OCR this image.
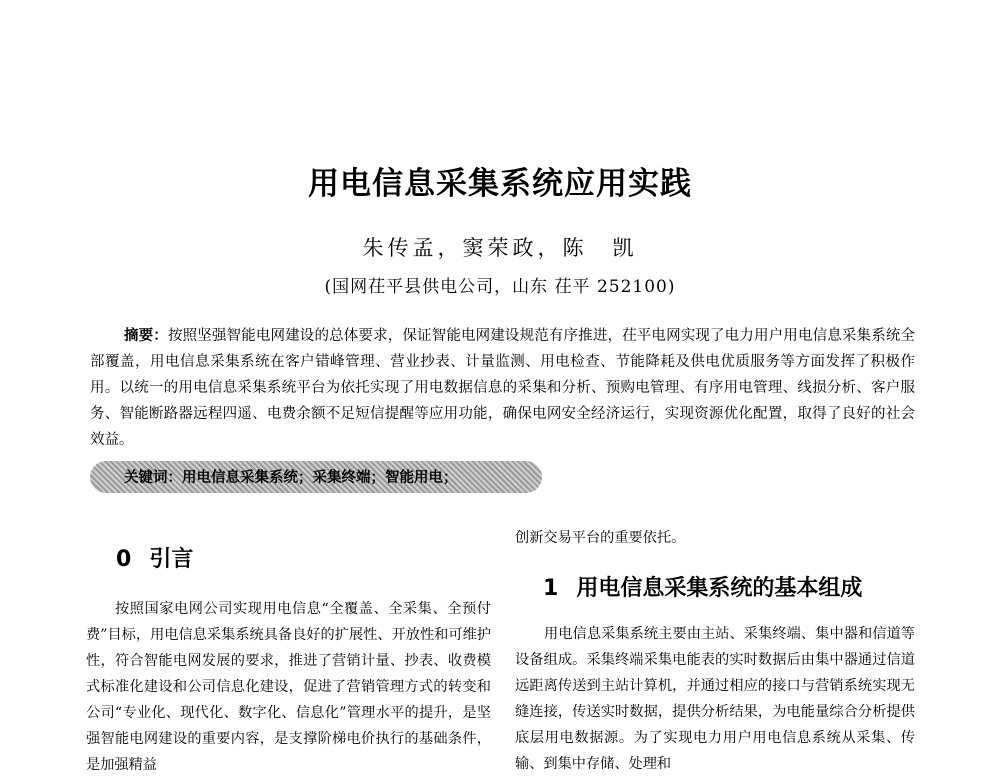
用电信息采集系统应用实践
朱传孟，窦荣政，陈　凯
(国网茌平县供电公司，山东 茌平 252100)
摘要：按照坚强智能电网建设的总体要求，保证智能电网建设规范有序推进，茌平电网实现了电力用户用电信息采集系统全部覆盖，用电信息采集系统在客户错峰管理、营业抄表、计量监测、用电检查、节能降耗及供电优质服务等方面发挥了积极作用。以统一的用电信息采集系统平台为依托实现了用电数据信息的采集和分析、预购电管理、有序用电管理、线损分析、客户服务、智能断路器远程四遥、电费余额不足短信提醒等应用功能，确保电网安全经济运行，实现资源优化配置，取得了良好的社会效益。
关键词：用电信息采集系统；采集终端；智能用电；
0 引言

按照国家电网公司实现用电信息“全覆盖、全采集、全预付费”目标，用电信息采集系统具备良好的扩展性、开放性和可维护性，符合智能电网发展的要求，推进了营销计量、抄表、收费模式标准化建设和公司信息化建设，促进了营销管理方式的转变和公司“专业化、现代化、数字化、信息化”管理水平的提升，是坚强智能电网建设的重要内容，是支撑阶梯电价执行的基础条件，是加强精益

创新交易平台的重要依托。

1 用电信息采集系统的基本组成

用电信息采集系统主要由主站、采集终端、集中器和信道等设备组成。采集终端采集电能表的实时数据后由集中器通过信道远距离传送到主站计算机，并通过相应的接口与营销系统实现无缝连接，传送实时数据，提供分析结果，为电能量综合分析提供底层用电数据源。为了实现电力用户用电信息系统从采集、传输、到集中存储、处理和
